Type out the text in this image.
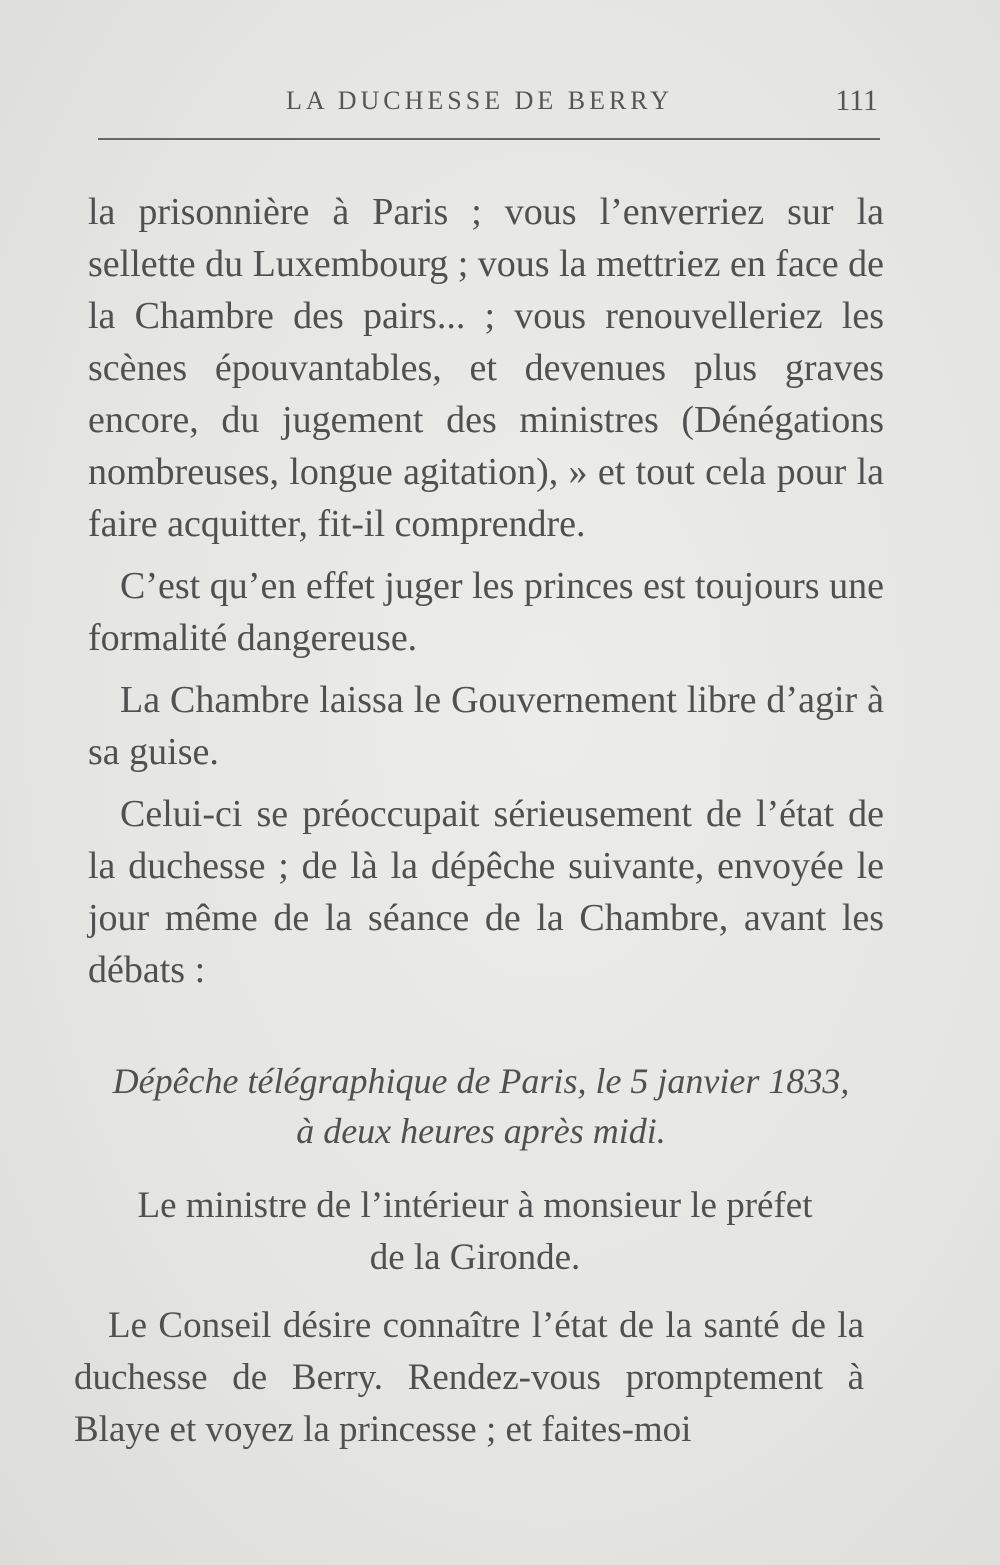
LA DUCHESSE DE BERRY	111

la prisonnière à Paris ; vous l’enverriez sur la sellette du Luxembourg ; vous la mettriez en face de la Chambre des pairs... ; vous renouvelleriez les scènes épouvantables, et devenues plus graves encore, du jugement des ministres (Dénégations nombreuses, longue agitation), » et tout cela pour la faire acquitter, fit-il comprendre.

C’est qu’en effet juger les princes est toujours une formalité dangereuse.

La Chambre laissa le Gouvernement libre d’agir à sa guise.

Celui-ci se préoccupait sérieusement de l’état de la duchesse ; de là la dépêche suivante, envoyée le jour même de la séance de la Chambre, avant les débats :

Dépêche télégraphique de Paris, le 5 janvier 1833,
à deux heures après midi.
Le ministre de l’intérieur à monsieur le préfet
de la Gironde.

Le Conseil désire connaître l’état de la santé de la duchesse de Berry. Rendez-vous promptement à Blaye et voyez la princesse ; et faites-moi
